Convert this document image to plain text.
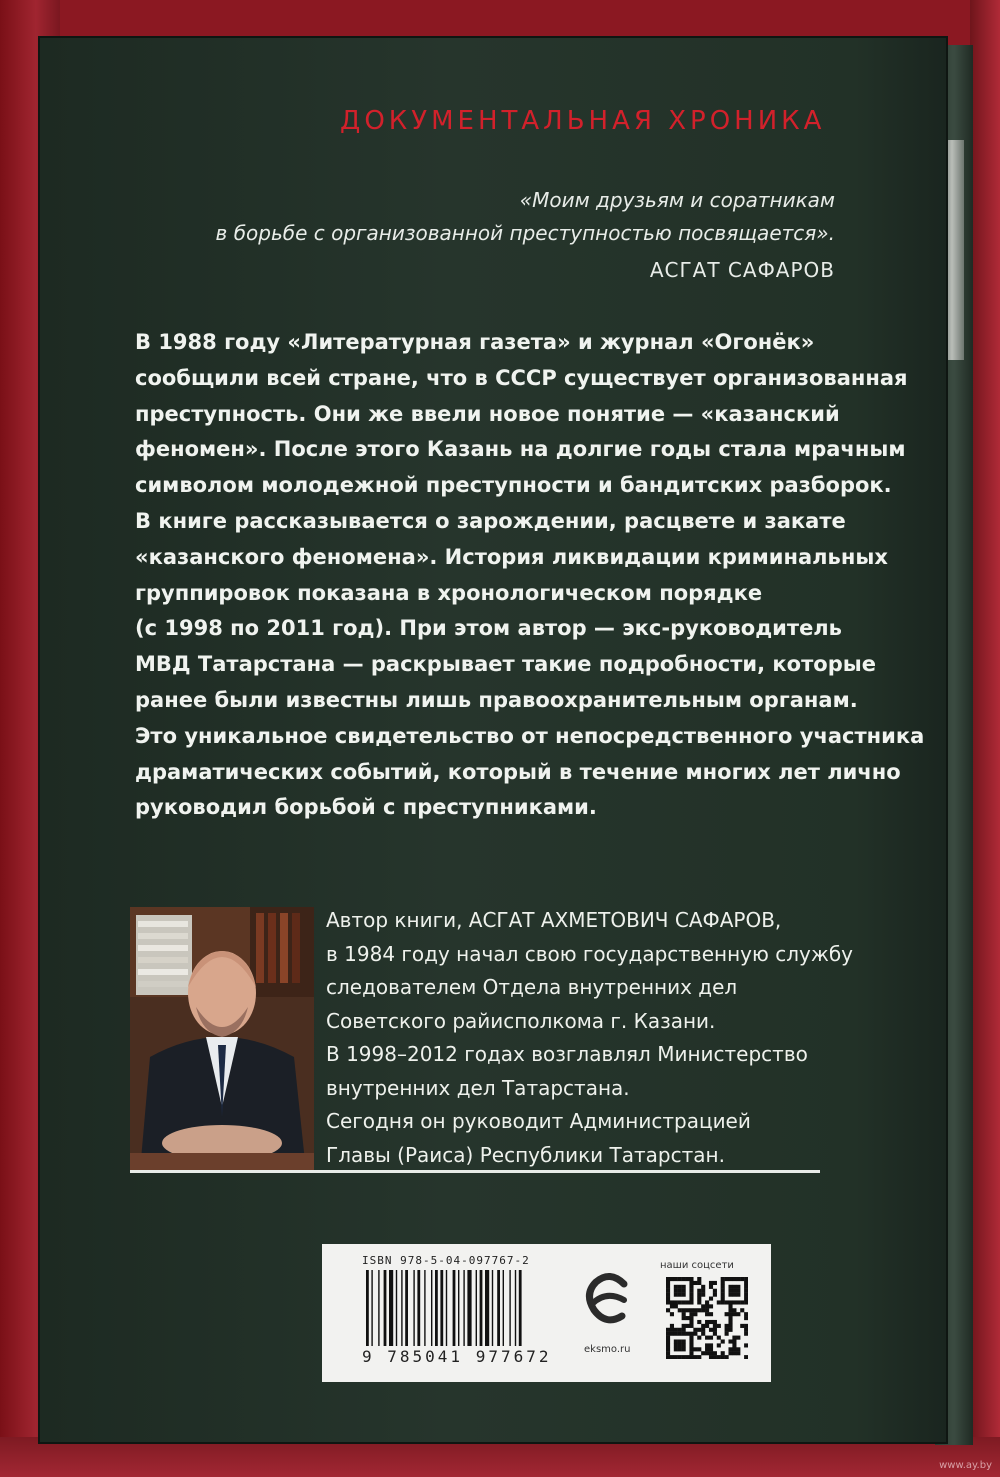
ДОКУМЕНТАЛЬНАЯ ХРОНИКА
«Моим друзьям и соратникам
в борьбе с организованной преступностью посвящается».
АСГАТ САФАРОВ
В 1988 году «Литературная газета» и журнал «Огонёк»
сообщили всей стране, что в СССР существует организованная
преступность. Они же ввели новое понятие — «казанский
феномен». После этого Казань на долгие годы стала мрачным
символом молодежной преступности и бандитских разборок.
В книге рассказывается о зарождении, расцвете и закате
«казанского феномена». История ликвидации криминальных
группировок показана в хронологическом порядке
(с 1998 по 2011 год). При этом автор — экс-руководитель
МВД Татарстана — раскрывает такие подробности, которые
ранее были известны лишь правоохранительным органам.
Это уникальное свидетельство от непосредственного участника
драматических событий, который в течение многих лет лично
руководил борьбой с преступниками.
Автор книги, АСГАТ АХМЕТОВИЧ САФАРОВ,
в 1984 году начал свою государственную службу
следователем Отдела внутренних дел
Советского райисполкома г. Казани.
В 1998–2012 годах возглавлял Министерство
внутренних дел Татарстана.
Сегодня он руководит Администрацией
Главы (Раиса) Республики Татарстан.
ISBN 978-5-04-097767-2
9 785041 977672	eksmo.ru
наши соцсети
www.ay.by
